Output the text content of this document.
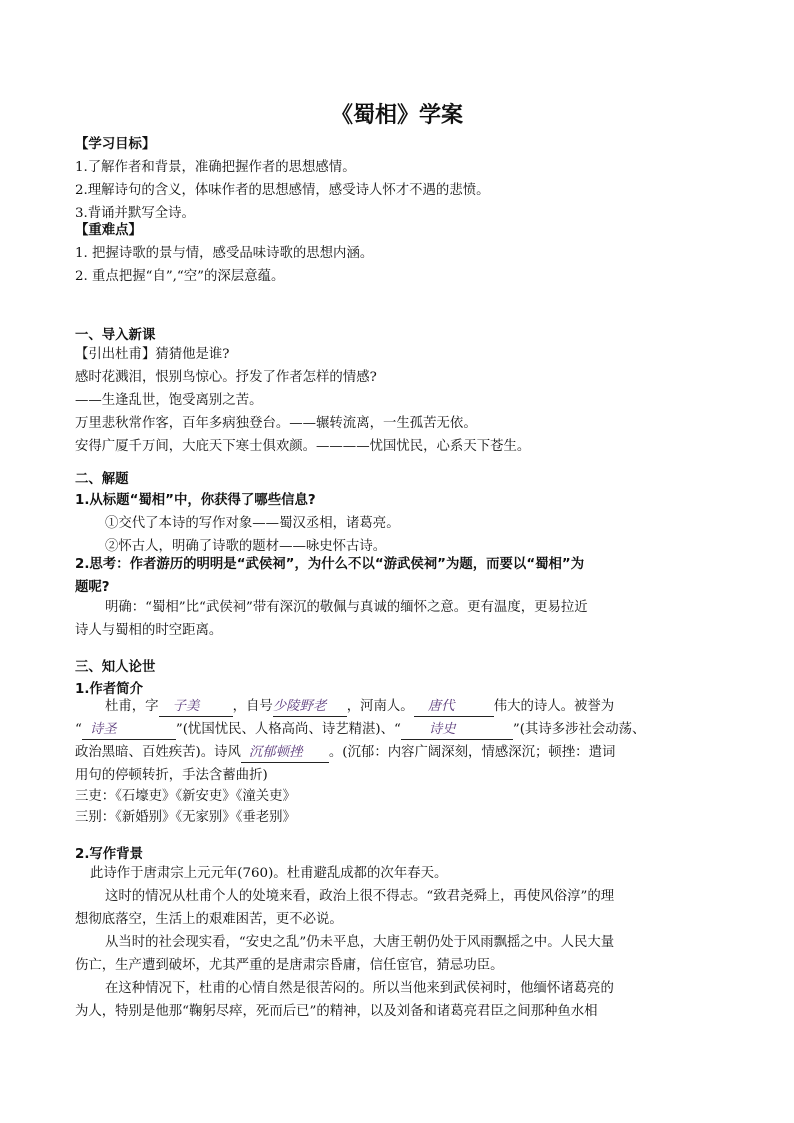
《蜀相》学案
【学习目标】
1.了解作者和背景，准确把握作者的思想感情。
2.理解诗句的含义，体味作者的思想感情，感受诗人怀才不遇的悲愤。
3.背诵并默写全诗。
【重难点】
1. 把握诗歌的景与情，感受品味诗歌的思想内涵。
2. 重点把握“自”,“空”的深层意蕴。
一、导入新课
【引出杜甫】猜猜他是谁?
感时花溅泪，恨别鸟惊心。抒发了作者怎样的情感?
——生逢乱世，饱受离别之苦。
万里悲秋常作客，百年多病独登台。——辗转流离，一生孤苦无依。
安得广厦千万间，大庇天下寒士俱欢颜。————忧国忧民，心系天下苍生。
二、解题
1.从标题“蜀相”中，你获得了哪些信息?
①交代了本诗的写作对象——蜀汉丞相，诸葛亮。
②怀古人，明确了诗歌的题材——咏史怀古诗。
2.思考：作者游历的明明是“武侯祠”，为什么不以“游武侯祠”为题，而要以“蜀相”为
题呢?
明确：“蜀相”比“武侯祠”带有深沉的敬佩与真诚的缅怀之意。更有温度，更易拉近
诗人与蜀相的时空距离。
三、知人论世
1.作者简介
杜甫，字 子美 ，自号少陵野老 ，河南人。 唐代	伟大的诗人。被誉为
“ 诗圣	”(忧国忧民、人格高尚、诗艺精湛)、“ 诗史	”(其诗多涉社会动荡、
政治黑暗、百姓疾苦)。诗风 沉郁顿挫 。(沉郁：内容广阔深刻，情感深沉；顿挫：遣词
用句的停顿转折，手法含蓄曲折)
三吏：《石壕吏》《新安吏》《潼关吏》
三别：《新婚别》《无家别》《垂老别》
2.写作背景
此诗作于唐肃宗上元元年(760)。杜甫避乱成都的次年春天。
这时的情况从杜甫个人的处境来看，政治上很不得志。“致君尧舜上，再使风俗淳”的理
想彻底落空，生活上的艰难困苦，更不必说。
从当时的社会现实看，“安史之乱”仍未平息，大唐王朝仍处于风雨飘摇之中。人民大量
伤亡，生产遭到破坏，尤其严重的是唐肃宗昏庸，信任宦官，猜忌功臣。
在这种情况下，杜甫的心情自然是很苦闷的。所以当他来到武侯祠时，他缅怀诸葛亮的
为人，特别是他那“鞠躬尽瘁，死而后已”的精神，以及刘备和诸葛亮君臣之间那种鱼水相
